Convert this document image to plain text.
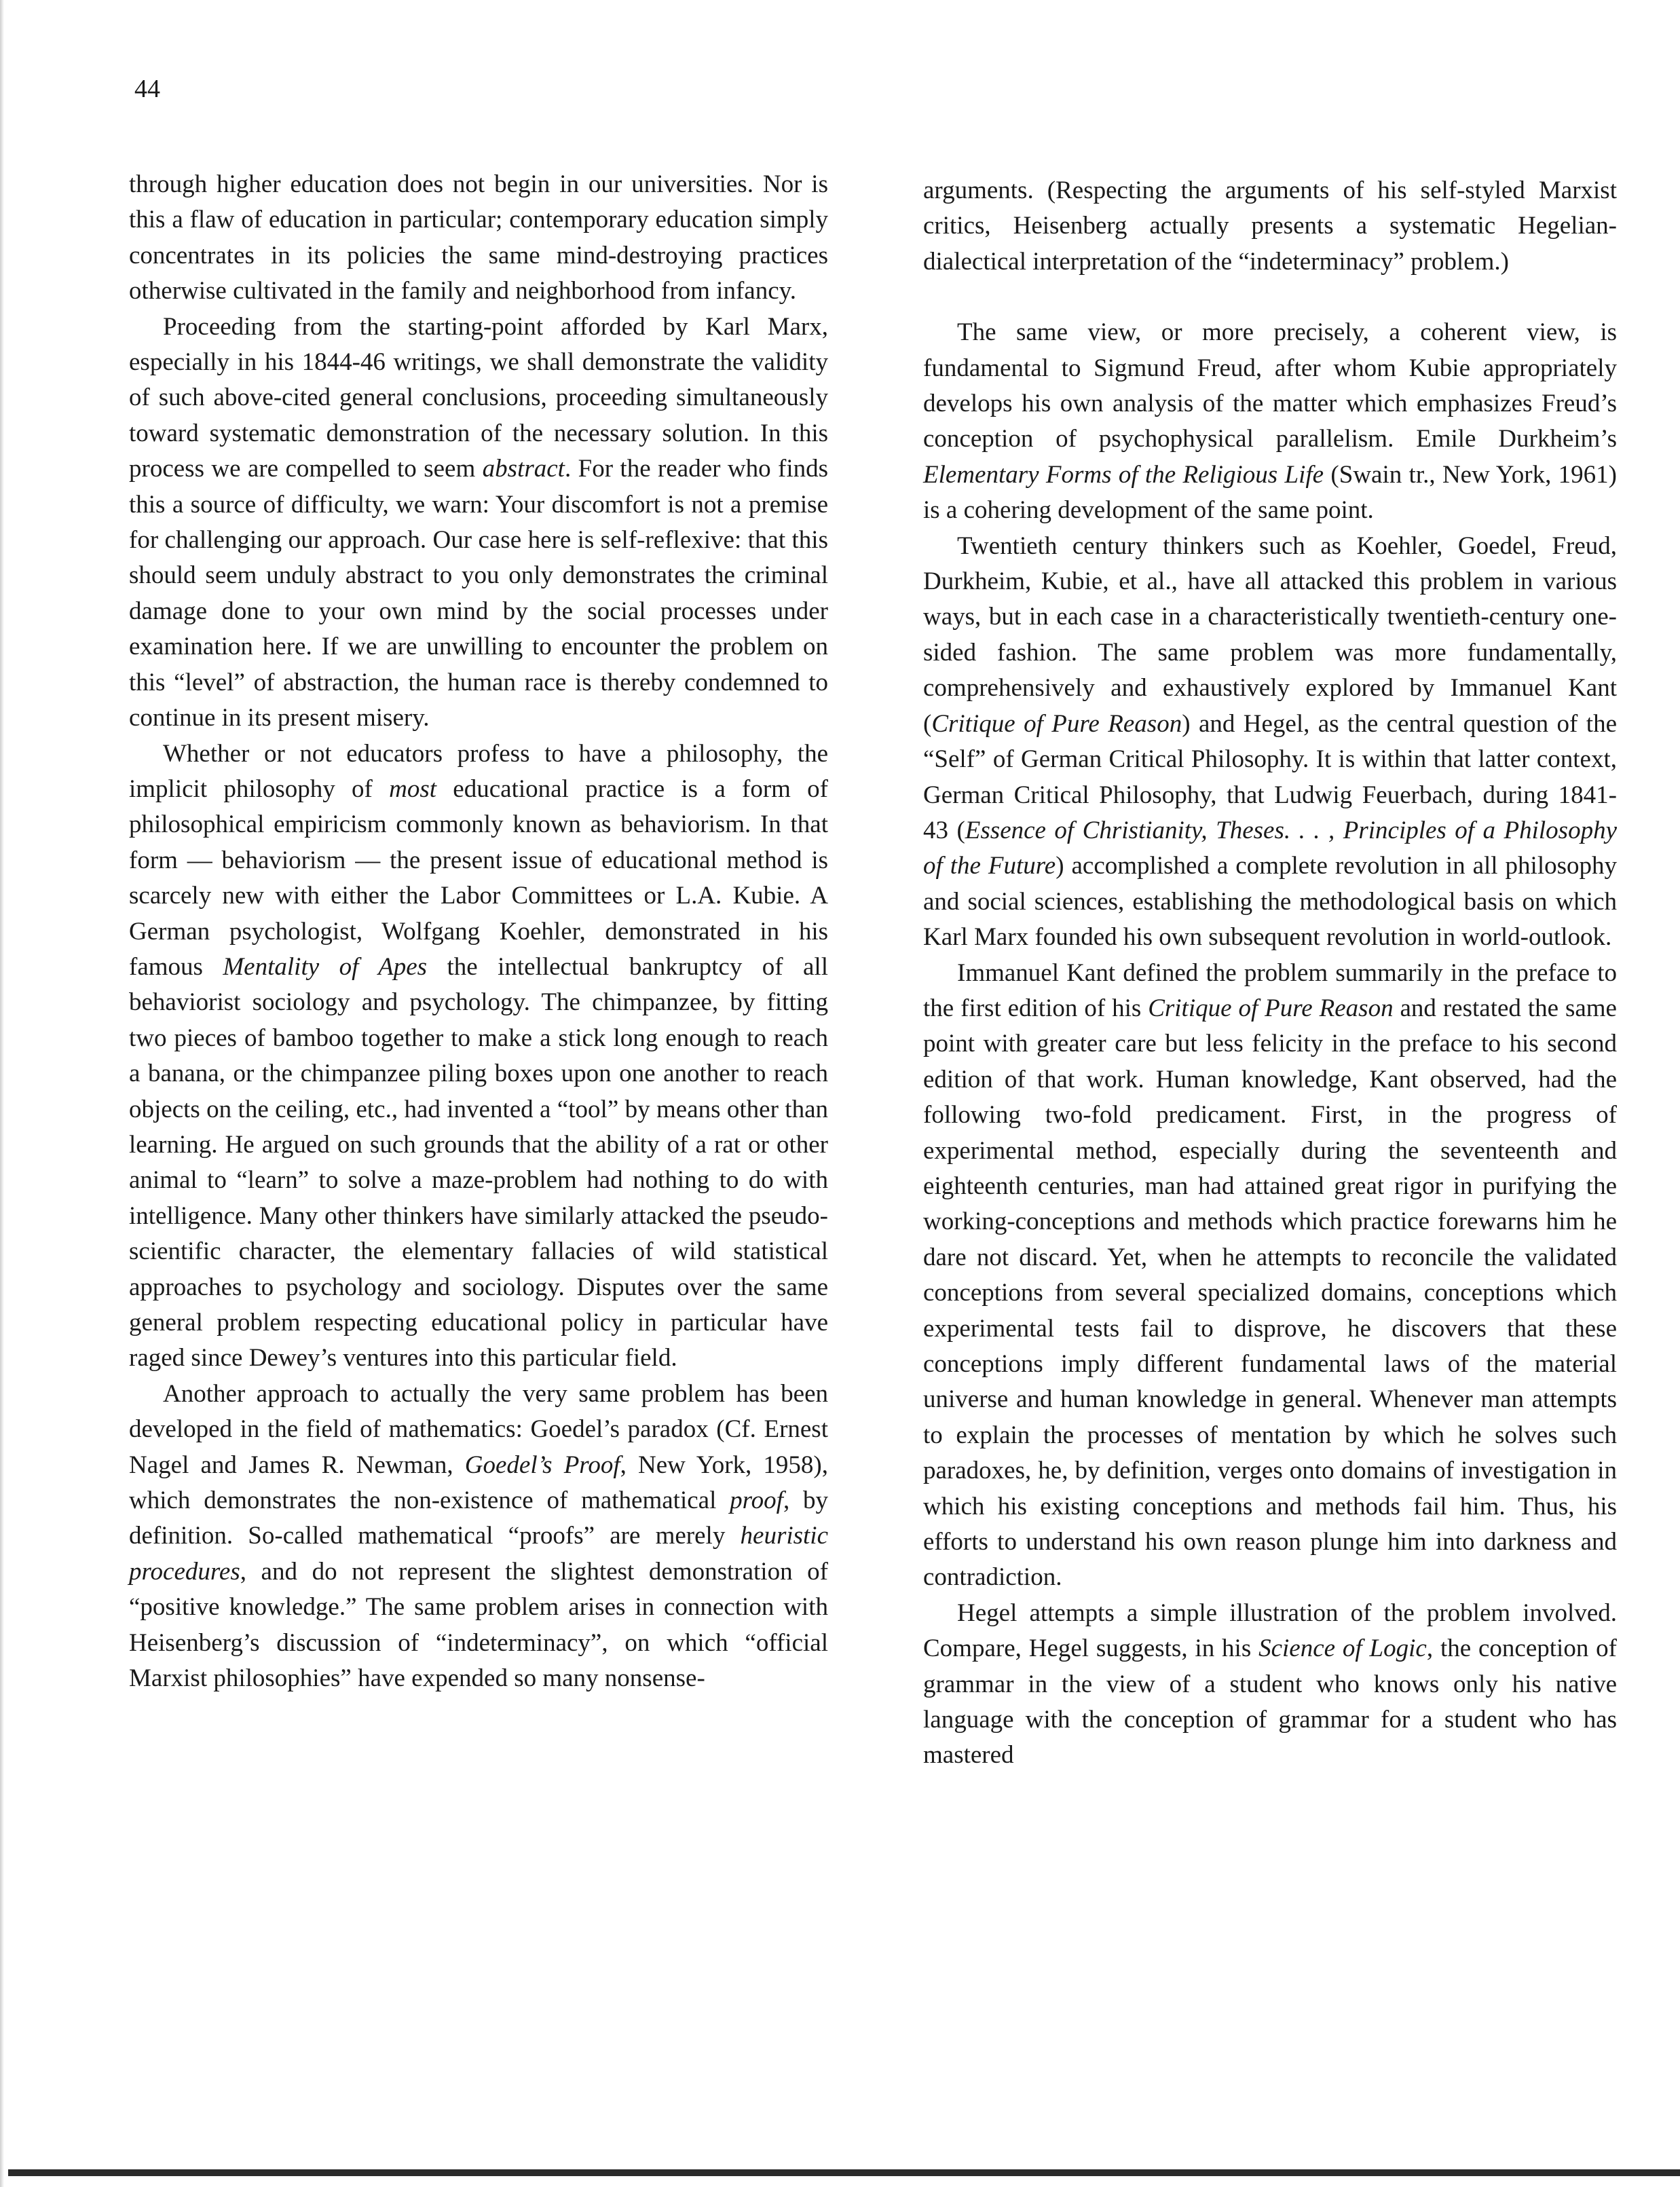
44

through higher education does not begin in our universities. Nor is this a flaw of education in particular; contemporary education simply concentrates in its policies the same mind-destroying practices otherwise cultivated in the family and neighborhood from infancy.

Proceeding from the starting-point afforded by Karl Marx, especially in his 1844-46 writings, we shall demonstrate the validity of such above-cited general conclusions, proceeding simultaneously toward systematic demonstration of the necessary solution. In this process we are compelled to seem abstract. For the reader who finds this a source of difficulty, we warn: Your discomfort is not a premise for challenging our approach. Our case here is self-reflexive: that this should seem unduly abstract to you only demonstrates the criminal damage done to your own mind by the social processes under examination here. If we are unwilling to encounter the problem on this “level” of abstraction, the human race is thereby condemned to continue in its present misery.

Whether or not educators profess to have a philosophy, the implicit philosophy of most educational practice is a form of philosophical empiricism commonly known as behaviorism. In that form — behaviorism — the present issue of educational method is scarcely new with either the Labor Committees or L.A. Kubie. A German psychologist, Wolfgang Koehler, demonstrated in his famous Mentality of Apes the intellectual bankruptcy of all behaviorist sociology and psychology. The chimpanzee, by fitting two pieces of bamboo together to make a stick long enough to reach a banana, or the chimpanzee piling boxes upon one another to reach objects on the ceiling, etc., had invented a “tool” by means other than learning. He argued on such grounds that the ability of a rat or other animal to “learn” to solve a maze-problem had nothing to do with intelligence. Many other thinkers have similarly attacked the pseudo-scientific character, the elementary fallacies of wild statistical approaches to psychology and sociology. Disputes over the same general problem respecting educational policy in particular have raged since Dewey’s ventures into this particular field.

Another approach to actually the very same problem has been developed in the field of mathematics: Goedel’s paradox (Cf. Ernest Nagel and James R. Newman, Goedel’s Proof, New York, 1958), which demonstrates the non-existence of mathematical proof, by definition. So-called mathematical “proofs” are merely heuristic procedures, and do not represent the slightest demonstration of “positive knowledge.” The same problem arises in connection with Heisenberg’s discussion of “indeterminacy”, on which “official Marxist philosophies” have expended so many nonsense-

arguments. (Respecting the arguments of his self-styled Marxist critics, Heisenberg actually presents a systematic Hegelian-dialectical interpretation of the “indeterminacy” problem.)

The same view, or more precisely, a coherent view, is fundamental to Sigmund Freud, after whom Kubie appropriately develops his own analysis of the matter which emphasizes Freud’s conception of psychophysical parallelism. Emile Durkheim’s Elementary Forms of the Religious Life (Swain tr., New York, 1961) is a cohering development of the same point.

Twentieth century thinkers such as Koehler, Goedel, Freud, Durkheim, Kubie, et al., have all attacked this problem in various ways, but in each case in a characteristically twentieth-century one-sided fashion. The same problem was more fundamentally, comprehensively and exhaustively explored by Immanuel Kant (Critique of Pure Reason) and Hegel, as the central question of the “Self” of German Critical Philosophy. It is within that latter context, German Critical Philosophy, that Ludwig Feuerbach, during 1841-43 (Essence of Christianity, Theses. . . , Principles of a Philosophy of the Future) accomplished a complete revolution in all philosophy and social sciences, establishing the methodological basis on which Karl Marx founded his own subsequent revolution in world-outlook.

Immanuel Kant defined the problem summarily in the preface to the first edition of his Critique of Pure Reason and restated the same point with greater care but less felicity in the preface to his second edition of that work. Human knowledge, Kant observed, had the following two-fold predicament. First, in the progress of experimental method, especially during the seventeenth and eighteenth centuries, man had attained great rigor in purifying the working-conceptions and methods which practice forewarns him he dare not discard. Yet, when he attempts to reconcile the validated conceptions from several specialized domains, conceptions which experimental tests fail to disprove, he discovers that these conceptions imply different fundamental laws of the material universe and human knowledge in general. Whenever man attempts to explain the processes of mentation by which he solves such paradoxes, he, by definition, verges onto domains of investigation in which his existing conceptions and methods fail him. Thus, his efforts to understand his own reason plunge him into darkness and contradiction.

Hegel attempts a simple illustration of the problem involved. Compare, Hegel suggests, in his Science of Logic, the conception of grammar in the view of a student who knows only his native language with the conception of grammar for a student who has mastered
